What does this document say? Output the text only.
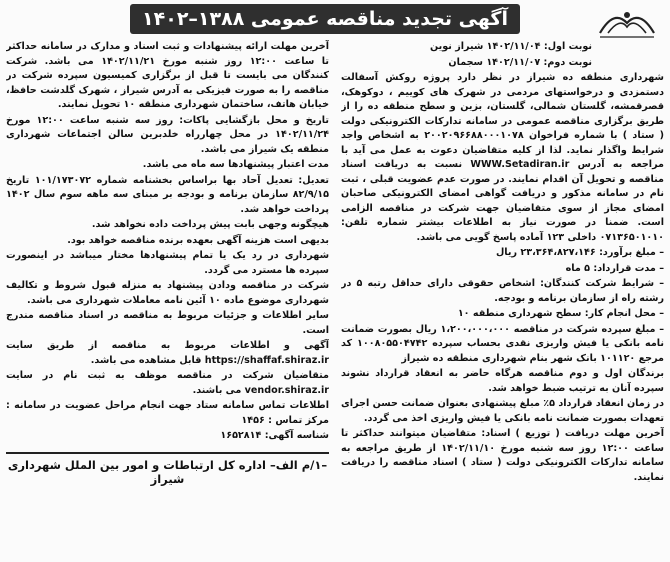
آگهی تجدید مناقصه عمومی ۱۳۸۸–۱۴۰۲

نوبت اول: ۱۴۰۲/۱۱/۰۴ شیراز نوین

نوبت دوم: ۱۴۰۲/۱۱/۰۷ سجمان

شهرداری منطقه ده شیراز در نظر دارد پروژه روکش آسفالت دستمزدی و درخواستهای مردمی در شهرک های کوییم ، دوکوهک، قصرقمشه، گلستان شمالی، گلستان، بزین و سطح منطقه ده را از طریق برگزاری مناقصه عمومی در سامانه تدارکات الکترونیکی دولت ( ستاد ) با شماره فراخوان ۲۰۰۲۰۹۶۶۸۸۰۰۰۱۰۷۸ به اشخاص واجد شرایط واگذار نماید. لذا از کلیه متقاضیان دعوت به عمل می آید با مراجعه به آدرس WWW.Setadiran.ir نسبت به دریافت اسناد مناقصه و تحویل آن اقدام نمایند. در صورت عدم عضویت قبلی ، ثبت نام در سامانه مذکور و دریافت گواهی امضای الکترونیکی صاحبان امضای مجاز از سوی متقاضیان جهت شرکت در مناقصه الزامی است. ضمنا در صورت نیاز به اطلاعات بیشتر شماره تلفن: ۰۷۱۳۶۵۰۱۰۱۰ داخلی ۱۲۳ آماده پاسخ گویی می باشد.

– مبلغ برآورد: ۲۳،۳۶۴،۸۲۷،۱۴۶ ریال

– مدت قرارداد: ۵ ماه

– شرایط شرکت کنندگان: اشخاص حقوقی دارای حداقل رتبه ۵ در رشته راه از سازمان برنامه و بودجه.

– محل انجام کار: سطح شهرداری منطقه ۱۰

– مبلغ سپرده شرکت در مناقصه ۱،۲۰۰،۰۰۰،۰۰۰ ریال بصورت ضمانت نامه بانکی یا فیش واریزی نقدی بحساب سپرده ۱۰۰۸۰۵۵۰۴۷۴۲ کد مرجع ۱۰۱۱۲۰ بانک شهر بنام شهرداری منطقه ده شیراز

برندگان اول و دوم مناقصه هرگاه حاضر به انعقاد قرارداد نشوند سپرده آنان به ترتیب ضبط خواهد شد.

در زمان انعقاد قرارداد ۵٪ مبلغ پیشنهادی بعنوان ضمانت حسن اجرای تعهدات بصورت ضمانت نامه بانکی یا فیش واریزی اخذ می گردد.

آخرین مهلت دریافت ( توزیع ) اسناد: متقاضیان میتوانند حداکثر تا ساعت ۱۲:۰۰ روز سه شنبه مورخ ۱۴۰۲/۱۱/۱۰ از طریق مراجعه به سامانه تدارکات الکترونیکی دولت ( ستاد ) اسناد مناقصه را دریافت نمایند.

آخرین مهلت ارائه پیشنهادات و ثبت اسناد و مدارک در سامانه حداکثر تا ساعت ۱۲:۰۰ روز شنبه مورخ ۱۴۰۲/۱۱/۲۱ می باشد. شرکت کنندگان می بایست تا قبل از برگزاری کمیسیون سپرده شرکت در مناقصه را به صورت فیزیکی به آدرس شیراز ، شهرک گلدشت حافظ، خیابان هاتف، ساختمان شهرداری منطقه ۱۰ تحویل نمایند.

تاریخ و محل بازگشایی پاکات: روز سه شنبه ساعت ۱۲:۰۰ مورخ ۱۴۰۲/۱۱/۲۴ در محل چهارراه خلدبرین سالن اجتماعات شهرداری منطقه یک شیراز می باشد.

مدت اعتبار پیشنهادها سه ماه می باشد.

تعدیل: تعدیل آحاد بها براساس بخشنامه شماره ۱۰۱/۱۷۳۰۷۲ تاریخ ۸۲/۹/۱۵ سازمان برنامه و بودجه بر مبنای سه ماهه سوم سال ۱۴۰۲ پرداخت خواهد شد.

هیچگونه وجهی بابت پیش پرداخت داده نخواهد شد.

بدیهی است هزینه آگهی بعهده برنده مناقصه خواهد بود.

شهرداری در رد یک یا تمام پیشنهادها مختار میباشد در اینصورت سپرده ها مسترد می گردد.

شرکت در مناقصه ودادن پیشنهاد به منزله قبول شروط و تکالیف شهرداری موضوع ماده ۱۰ آئین نامه معاملات شهرداری می باشد.

سایر اطلاعات و جزئیات مربوط به مناقصه در اسناد مناقصه مندرج است.

آگهی و اطلاعات مربوط به مناقصه از طریق سایت https://shaffaf.shiraz.ir قابل مشاهده می باشد.

متقاضیان شرکت در مناقصه موظف به ثبت نام در سایت vendor.shiraz.ir می باشند.

اطلاعات تماس سامانه ستاد جهت انجام مراحل عضویت در سامانه : مرکز تماس : ۱۴۵۶

شناسه آگهی: ۱۶۵۲۸۱۴

–۱/م الف– اداره کل ارتباطات و امور بین الملل شهرداری شیراز
